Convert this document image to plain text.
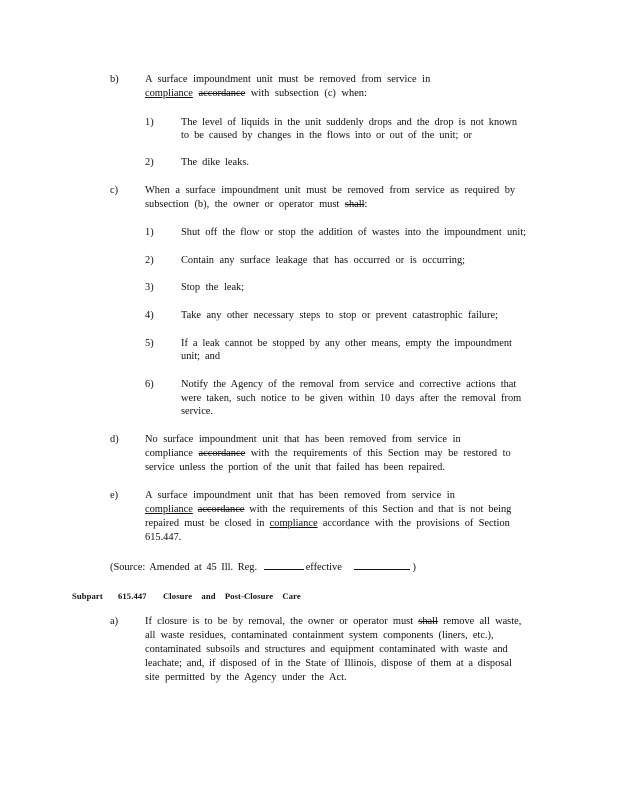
b)	A surface impoundment unit must be removed from service in
compliance accordance with subsection (c) when:
1)	The level of liquids in the unit suddenly drops and the drop is not known
to be caused by changes in the flows into or out of the unit; or
2)	The dike leaks.
c)	When a surface impoundment unit must be removed from service as required by
subsection (b), the owner or operator must shall:
1)	Shut off the flow or stop the addition of wastes into the impoundment unit;
2)	Contain any surface leakage that has occurred or is occurring;
3)	Stop the leak;
4)	Take any other necessary steps to stop or prevent catastrophic failure;
5)	If a leak cannot be stopped by any other means, empty the impoundment
unit; and
6)	Notify the Agency of the removal from service and corrective actions that
were taken, such notice to be given within 10 days after the removal from
service.
d)	No surface impoundment unit that has been removed from service in
compliance accordance with the requirements of this Section may be restored to
service unless the portion of the unit that failed has been repaired.
e)	A surface impoundment unit that has been removed from service in
compliance accordance with the requirements of this Section and that is not being
repaired must be closed in compliance accordance with the provisions of Section
615.447.
(Source: Amended at 45 Ill. Reg.	effective	)
Subpart 615.447 Closure and Post-Closure Care
a)	If closure is to be by removal, the owner or operator must shall remove all waste,
all waste residues, contaminated containment system components (liners, etc.),
contaminated subsoils and structures and equipment contaminated with waste and
leachate; and, if disposed of in the State of Illinois, dispose of them at a disposal
site permitted by the Agency under the Act.
